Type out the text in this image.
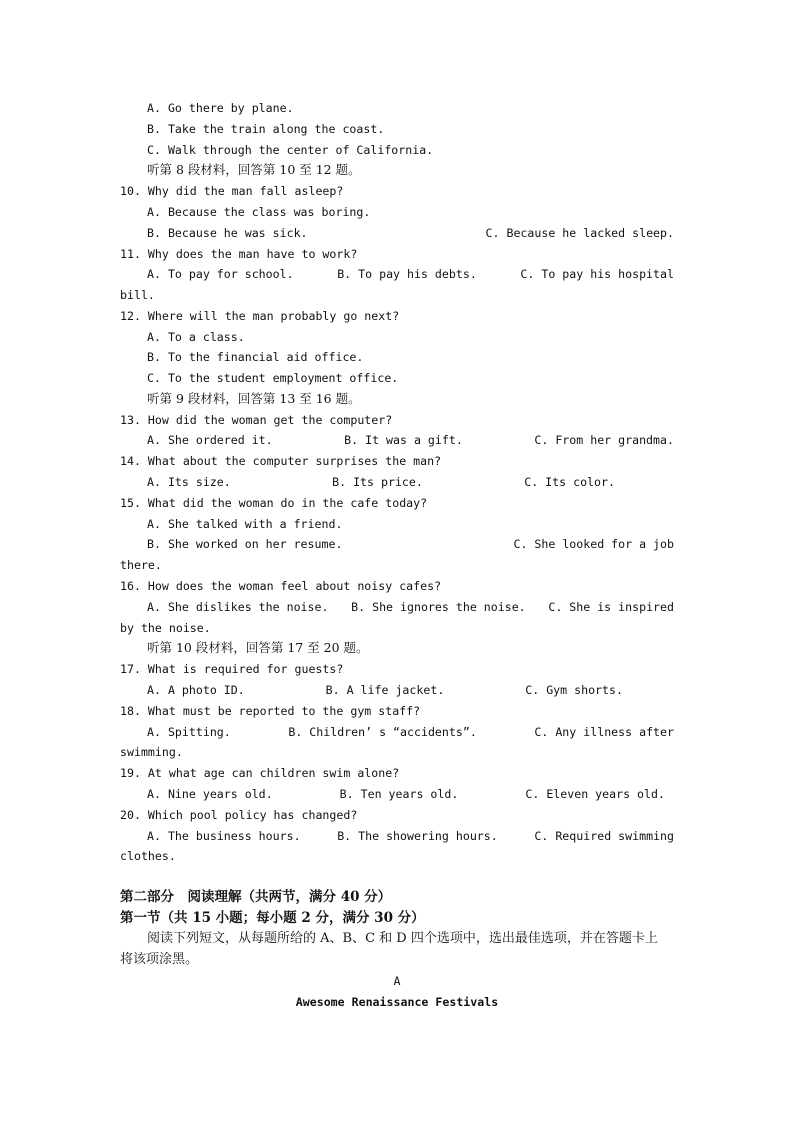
A. Go there by plane.
B. Take the train along the coast.
C. Walk through the center of California.
听第 8 段材料，回答第 10 至 12 题。
10. Why did the man fall asleep?
A. Because the class was boring.
B. Because he was sick.	C. Because he lacked sleep.
11. Why does the man have to work?
A. To pay for school.	B. To pay his debts.	C. To pay his hospital
bill.
12. Where will the man probably go next?
A. To a class.
B. To the financial aid office.
C. To the student employment office.
听第 9 段材料，回答第 13 至 16 题。
13. How did the woman get the computer?
A. She ordered it.	B. It was a gift.	C. From her grandma.
14. What about the computer surprises the man?
A. Its size.	B. Its price.	C. Its color.
15. What did the woman do in the cafe today?
A. She talked with a friend.
B. She worked on her resume.	C. She looked for a job
there.
16. How does the woman feel about noisy cafes?
A. She dislikes the noise. B. She ignores the noise. C. She is inspired
by the noise.
听第 10 段材料，回答第 17 至 20 题。
17. What is required for guests?
A. A photo ID.	B. A life jacket.	C. Gym shorts.
18. What must be reported to the gym staff?
A. Spitting.	B. Children’ s “accidents”.	C. Any illness after
swimming.
19. At what age can children swim alone?
A. Nine years old.	B. Ten years old.	C. Eleven years old.
20. Which pool policy has changed?
A. The business hours.	B. The showering hours.	C. Required swimming
clothes.
第二部分　阅读理解（共两节，满分 40 分）
第一节（共 15 小题；每小题 2 分，满分 30 分）
阅读下列短文，从每题所给的 A、B、C 和 D 四个选项中，选出最佳选项，并在答题卡上
将该项涂黑。
A
Awesome Renaissance Festivals
